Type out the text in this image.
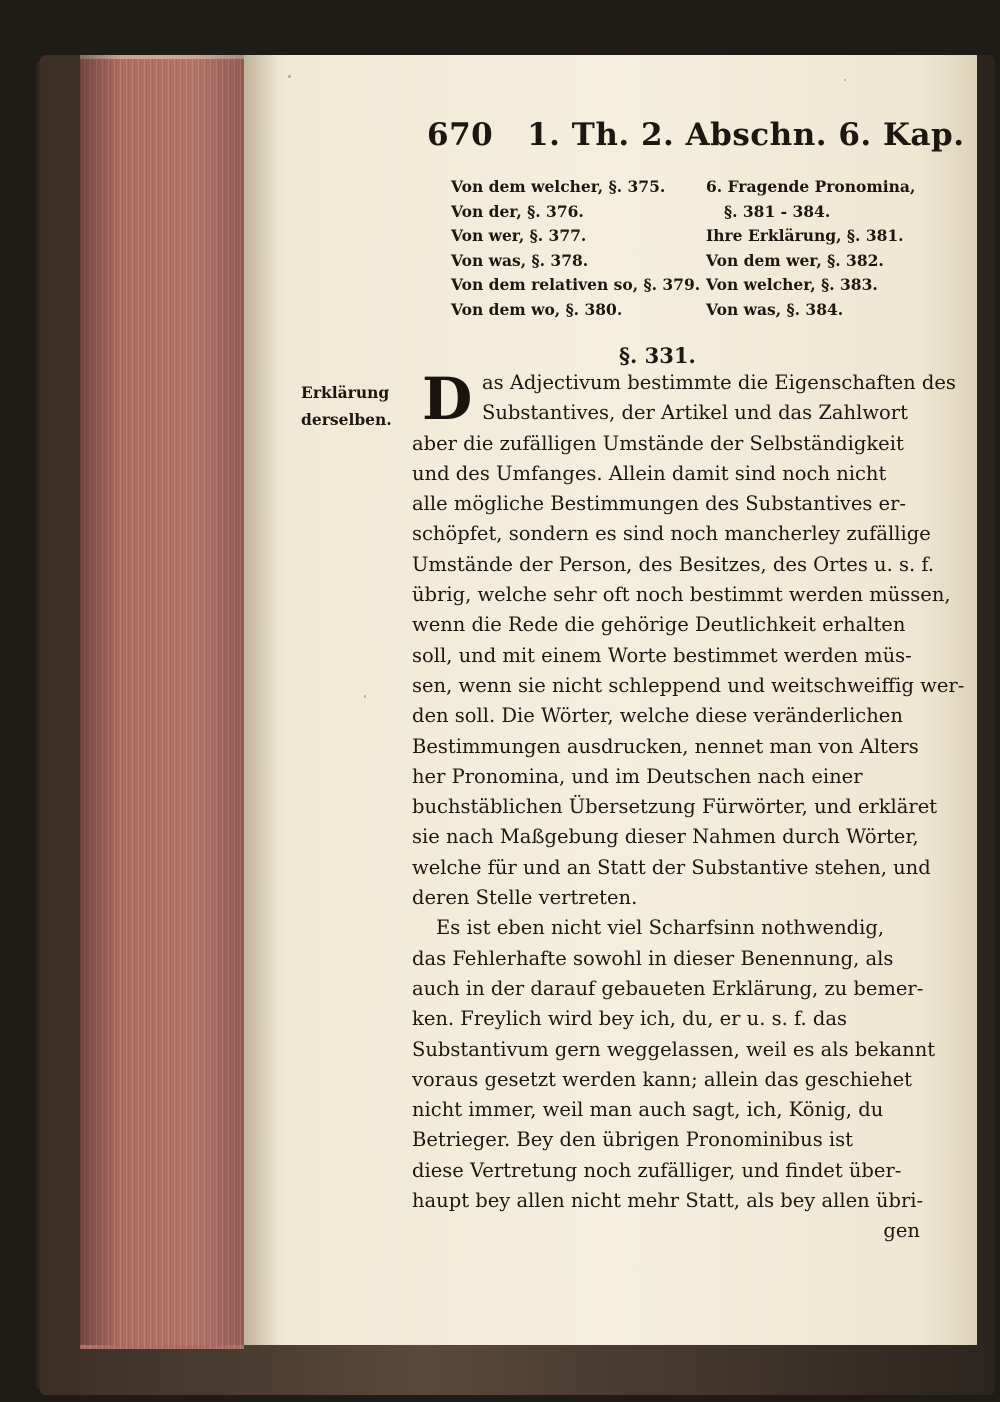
670 1. Th. 2. Abschn. 6. Kap.
Von dem welcher, §. 375.
Von der, §. 376.
Von wer, §. 377.
Von was, §. 378.
Von dem relativen so, §. 379.
Von dem wo, §. 380.
6. Fragende Pronomina,
§. 381 - 384.
Ihre Erklärung, §. 381.
Von dem wer, §. 382.
Von welcher, §. 383.
Von was, §. 384.
§. 331.
Erklärung
derselben. D as Adjectivum bestimmte die Eigenschaften des
Substantives, der Artikel und das Zahlwort
aber die zufälligen Umstände der Selbständigkeit
und des Umfanges. Allein damit sind noch nicht
alle mögliche Bestimmungen des Substantives er-
schöpfet, sondern es sind noch mancherley zufällige
Umstände der Person, des Besitzes, des Ortes u. s. f.
übrig, welche sehr oft noch bestimmt werden müssen,
wenn die Rede die gehörige Deutlichkeit erhalten
soll, und mit einem Worte bestimmet werden müs-
sen, wenn sie nicht schleppend und weitschweiffig wer-
den soll. Die Wörter, welche diese veränderlichen
Bestimmungen ausdrucken, nennet man von Alters
her Pronomina, und im Deutschen nach einer
buchstäblichen Übersetzung Fürwörter, und erkläret
sie nach Maßgebung dieser Nahmen durch Wörter,
welche für und an Statt der Substantive stehen, und
deren Stelle vertreten.
Es ist eben nicht viel Scharfsinn nothwendig,
das Fehlerhafte sowohl in dieser Benennung, als
auch in der darauf gebaueten Erklärung, zu bemer-
ken. Freylich wird bey ich, du, er u. s. f. das
Substantivum gern weggelassen, weil es als bekannt
voraus gesetzt werden kann; allein das geschiehet
nicht immer, weil man auch sagt, ich, König, du
Betrieger. Bey den übrigen Pronominibus ist
diese Vertretung noch zufälliger, und findet über-
haupt bey allen nicht mehr Statt, als bey allen übri-
gen
